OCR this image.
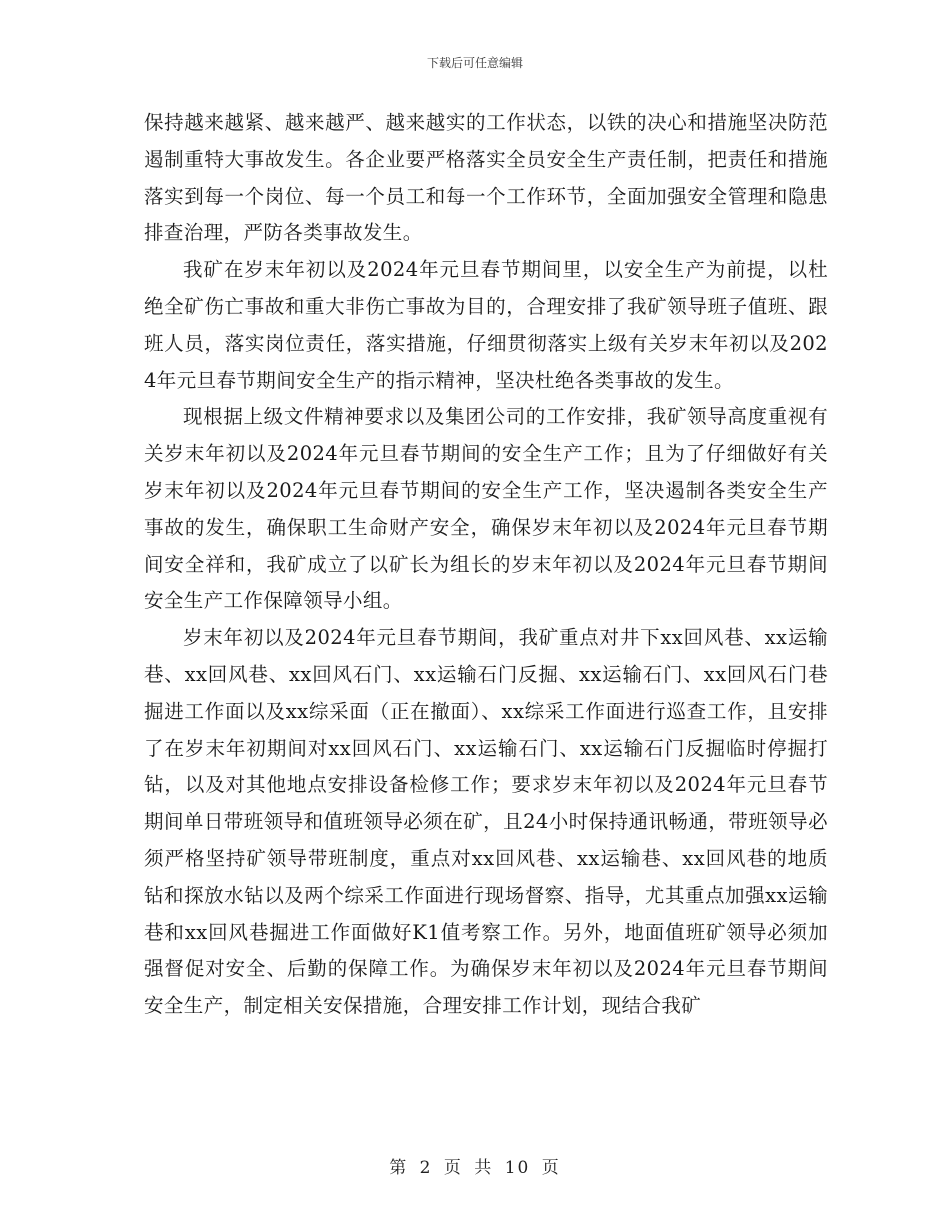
下载后可任意编辑

保持越来越紧、越来越严、越来越实的工作状态，以铁的决心和措施坚决防范遏制重特大事故发生。各企业要严格落实全员安全生产责任制，把责任和措施落实到每一个岗位、每一个员工和每一个工作环节，全面加强安全管理和隐患排查治理，严防各类事故发生。

我矿在岁末年初以及2024年元旦春节期间里，以安全生产为前提，以杜绝全矿伤亡事故和重大非伤亡事故为目的，合理安排了我矿领导班子值班、跟班人员，落实岗位责任，落实措施，仔细贯彻落实上级有关岁末年初以及2024年元旦春节期间安全生产的指示精神，坚决杜绝各类事故的发生。

现根据上级文件精神要求以及集团公司的工作安排，我矿领导高度重视有关岁末年初以及2024年元旦春节期间的安全生产工作；且为了仔细做好有关岁末年初以及2024年元旦春节期间的安全生产工作，坚决遏制各类安全生产事故的发生，确保职工生命财产安全，确保岁末年初以及2024年元旦春节期间安全祥和，我矿成立了以矿长为组长的岁末年初以及2024年元旦春节期间安全生产工作保障领导小组。

岁末年初以及2024年元旦春节期间，我矿重点对井下xx回风巷、xx运输巷、xx回风巷、xx回风石门、xx运输石门反掘、xx运输石门、xx回风石门巷掘进工作面以及xx综采面（正在撤面）、xx综采工作面进行巡查工作，且安排了在岁末年初期间对xx回风石门、xx运输石门、xx运输石门反掘临时停掘打钻，以及对其他地点安排设备检修工作；要求岁末年初以及2024年元旦春节期间单日带班领导和值班领导必须在矿，且24小时保持通讯畅通，带班领导必须严格坚持矿领导带班制度，重点对xx回风巷、xx运输巷、xx回风巷的地质钻和探放水钻以及两个综采工作面进行现场督察、指导，尤其重点加强xx运输巷和xx回风巷掘进工作面做好K1值考察工作。另外，地面值班矿领导必须加强督促对安全、后勤的保障工作。为确保岁末年初以及2024年元旦春节期间安全生产，制定相关安保措施，合理安排工作计划，现结合我矿

第 2 页 共 10 页
